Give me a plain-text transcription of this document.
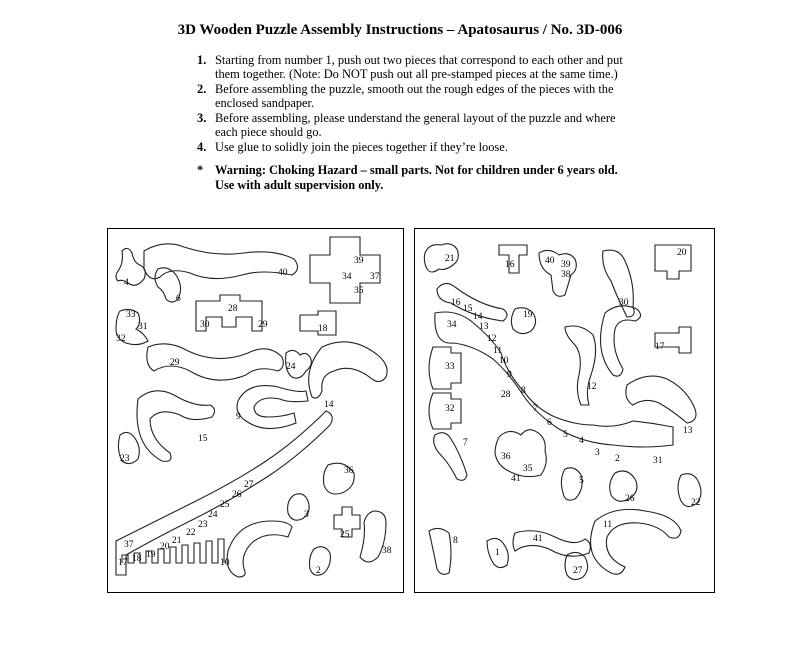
3D Wooden Puzzle Assembly Instructions – Apatosaurus / No. 3D-006
1. Starting from number 1, push out two pieces that correspond to each other and put them together. (Note: Do NOT push out all pre-stamped pieces at the same time.)
2. Before assembling the puzzle, smooth out the rough edges of the pieces with the enclosed sandpaper.
3. Before assembling, please understand the general layout of the puzzle and where each piece should go.
4. Use glue to solidly join the pieces together if they’re loose.
* Warning: Choking Hazard – small parts. Not for children under 6 years old.
Use with adult supervision only.
4
6
40
39
34 37
35
28
30	29	18
33
31
32
29	24
14
9
15
23
36
27
26
25
24
23
22
21
20
19
18
17
37
3
10
25
2
38
21
16	40 39
38
20
30
16
15
14
13
34
19
12
11
10
33
9
8
28
17
12
32	7
6
5	13
4
3
2	31
7
36
35
41	5
26	22
11
8	41
1
27
